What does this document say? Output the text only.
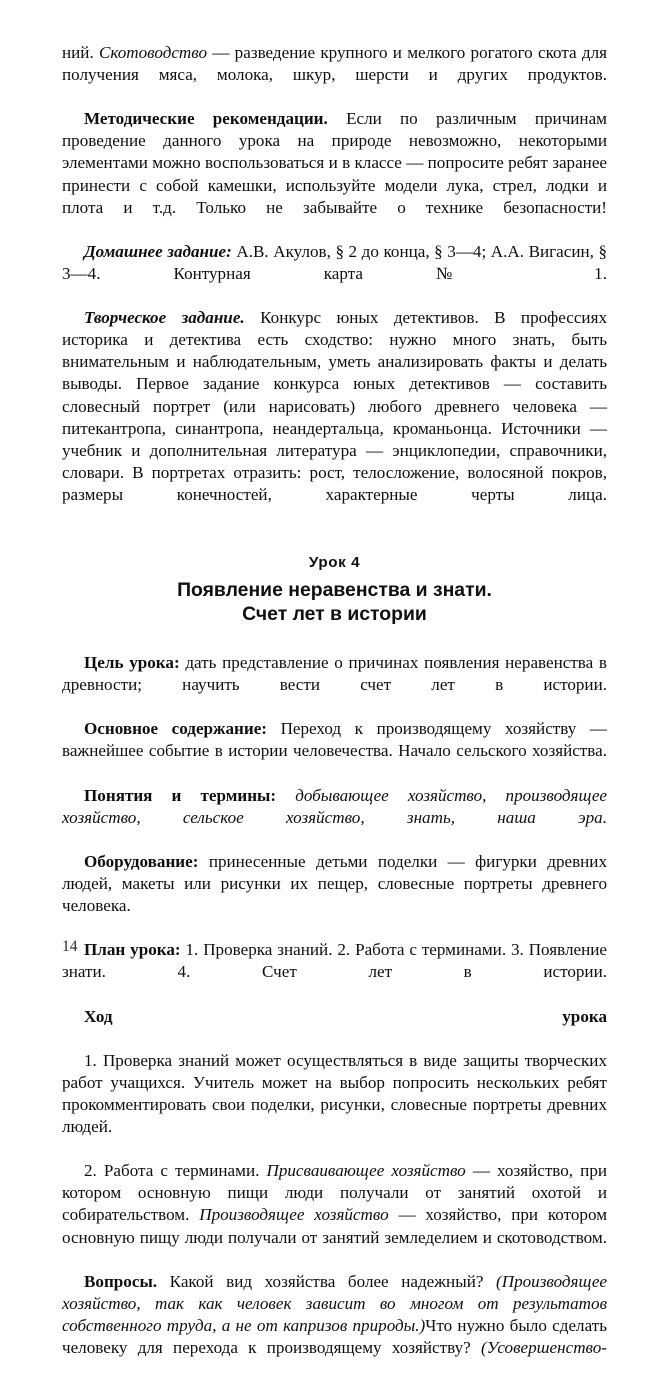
ний. Скотоводство — разведение крупного и мелкого рогатого скота для получения мяса, молока, шкур, шерсти и других продуктов.

Методические рекомендации. Если по различным причинам проведение данного урока на природе невозможно, некоторыми элементами можно воспользоваться и в классе — попросите ребят заранее принести с собой камешки, используйте модели лука, стрел, лодки и плота и т.д. Только не забывайте о технике безопасности!

Домашнее задание: А.В. Акулов, § 2 до конца, § 3—4; А.А. Вигасин, § 3—4. Контурная карта № 1.

Творческое задание. Конкурс юных детективов. В профессиях историка и детектива есть сходство: нужно много знать, быть внимательным и наблюдательным, уметь анализировать факты и делать выводы. Первое задание конкурса юных детективов — составить словесный портрет (или нарисовать) любого древнего человека — питекантропа, синантропа, неандертальца, кроманьонца. Источники — учебник и дополнительная литература — энциклопедии, справочники, словари. В портретах отразить: рост, телосложение, волосяной покров, размеры конечностей, характерные черты лица.

Урок 4
Появление неравенства и знати.
Счет лет в истории

Цель урока: дать представление о причинах появления неравенства в древности; научить вести счет лет в истории.

Основное содержание: Переход к производящему хозяйству — важнейшее событие в истории человечества. Начало сельского хозяйства.

Понятия и термины: добывающее хозяйство, производящее хозяйство, сельское хозяйство, знать, наша эра.

Оборудование: принесенные детьми поделки — фигурки древних людей, макеты или рисунки их пещер, словесные портреты древнего человека.

План урока: 1. Проверка знаний. 2. Работа с терминами. 3. Появление знати. 4. Счет лет в истории.

Ход урока

1. Проверка знаний может осуществляться в виде защиты творческих работ учащихся. Учитель может на выбор попросить нескольких ребят прокомментировать свои поделки, рисунки, словесные портреты древних людей.

2. Работа с терминами. Присваивающее хозяйство — хозяйство, при котором основную пищи люди получали от занятий охотой и собирательством. Производящее хозяйство — хозяйство, при котором основную пищу люди получали от занятий земледелием и скотоводством.

Вопросы. Какой вид хозяйства более надежный? (Производящее хозяйство, так как человек зависит во многом от результатов собственного труда, а не от капризов природы.)Что нужно было сделать человеку для перехода к производящему хозяйству? (Усовершенство-

14
